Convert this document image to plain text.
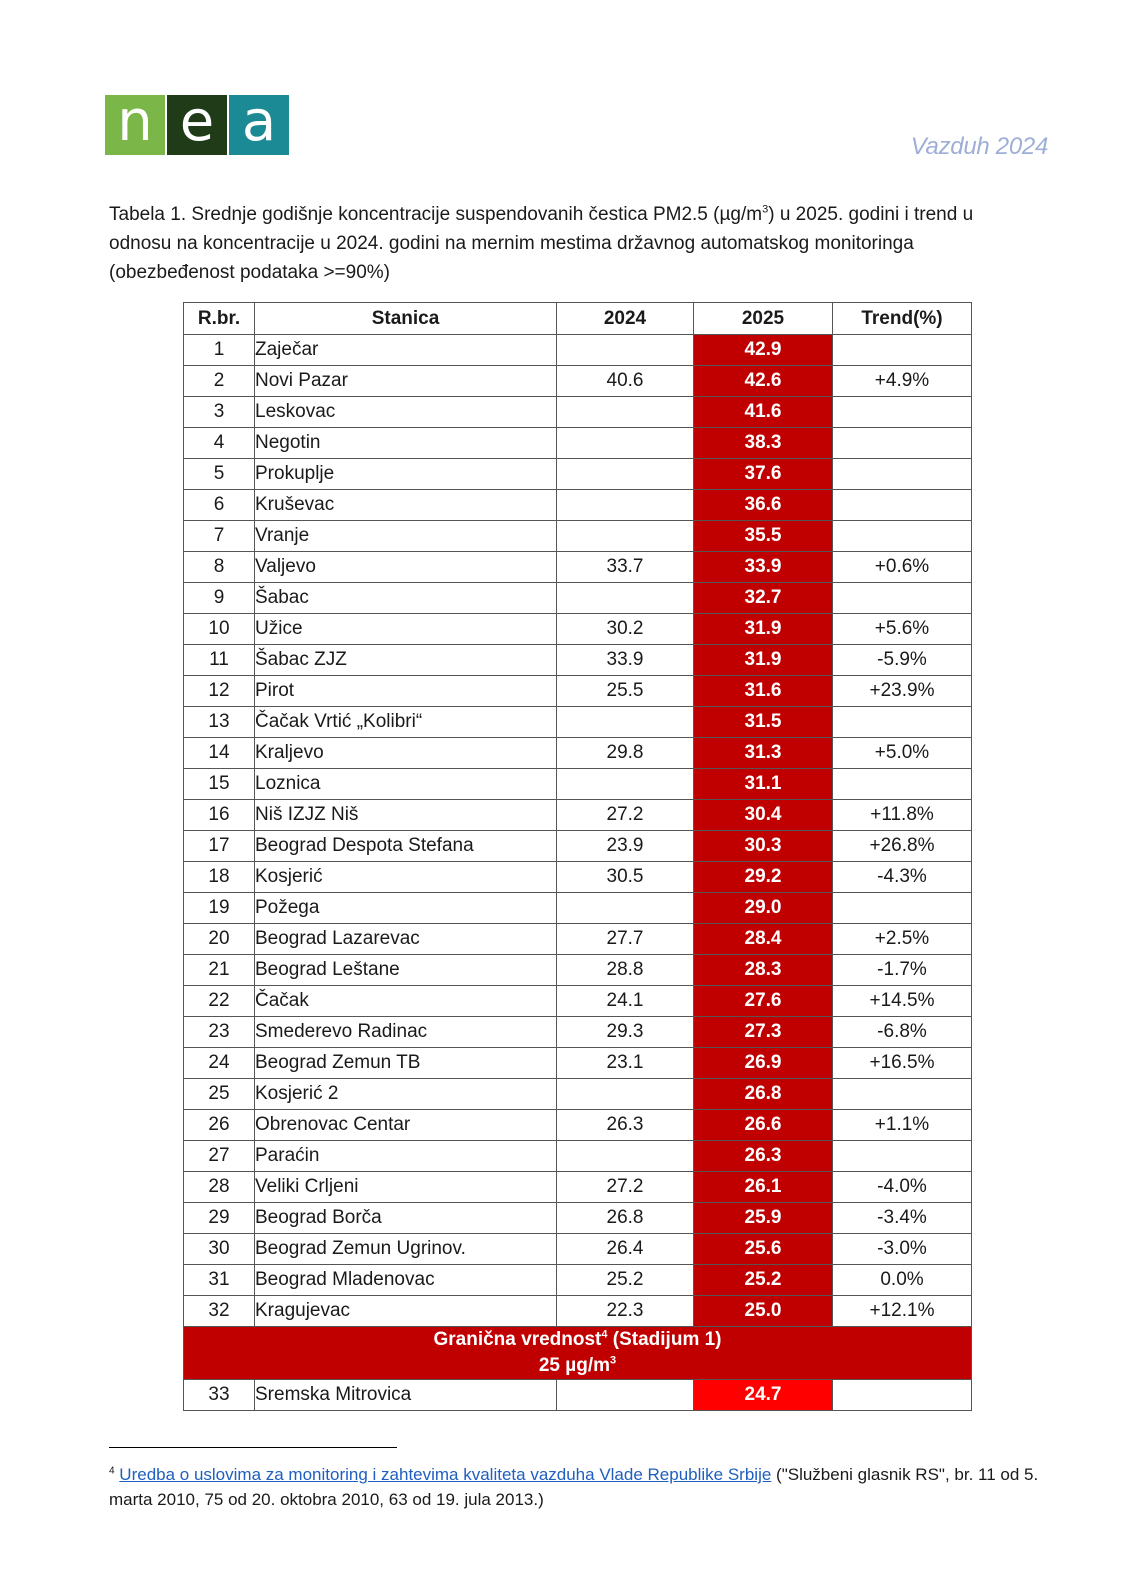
n e a	Vazduh 2024
Tabela 1. Srednje godišnje koncentracije suspendovanih čestica PM2.5 $(\mu g/m^3)$ u 2025. godini i trend u odnosu na koncentracije u 2024. godini na mernim mestima državnog automatskog monitoringa (obezbeđenost podataka >=90%)
R.br.	Stanica	2024	2025	Trend(%)
1	Zaječar		42.9	
2	Novi Pazar	40.6	42.6	+4.9%
3	Leskovac		41.6	
4	Negotin		38.3	
5	Prokuplje		37.6	
6	Kruševac		36.6	
7	Vranje		35.5	
8	Valjevo	33.7	33.9	+0.6%
9	Šabac		32.7	
10	Užice	30.2	31.9	+5.6%
11	Šabac ZJZ	33.9	31.9	-5.9%
12	Pirot	25.5	31.6	+23.9%
13	Čačak Vrtić „Kolibri“		31.5	
14	Kraljevo	29.8	31.3	+5.0%
15	Loznica		31.1	
16	Niš IZJZ Niš	27.2	30.4	+11.8%
17	Beograd Despota Stefana	23.9	30.3	+26.8%
18	Kosjerić	30.5	29.2	-4.3%
19	Požega		29.0	
20	Beograd Lazarevac	27.7	28.4	+2.5%
21	Beograd Leštane	28.8	28.3	-1.7%
22	Čačak	24.1	27.6	+14.5%
23	Smederevo Radinac	29.3	27.3	-6.8%
24	Beograd Zemun TB	23.1	26.9	+16.5%
25	Kosjerić 2		26.8	
26	Obrenovac Centar	26.3	26.6	+1.1%
27	Paraćin		26.3	
28	Veliki Crljeni	27.2	26.1	-4.0%
29	Beograd Borča	26.8	25.9	-3.4%
30	Beograd Zemun Ugrinov.	26.4	25.6	-3.0%
31	Beograd Mladenovac	25.2	25.2	0.0%
32	Kragujevac	22.3	25.0	+12.1%
Granična vrednost$^4$ (Stadijum 1)
25 $\mu g/m^3$
33	Sremska Mitrovica		24.7	
$^4$ Uredba o uslovima za monitoring i zahtevima kvaliteta vazduha Vlade Republike Srbije ("Službeni glasnik RS", br. 11 od 5. marta 2010, 75 od 20. oktobra 2010, 63 od 19. jula 2013.)
